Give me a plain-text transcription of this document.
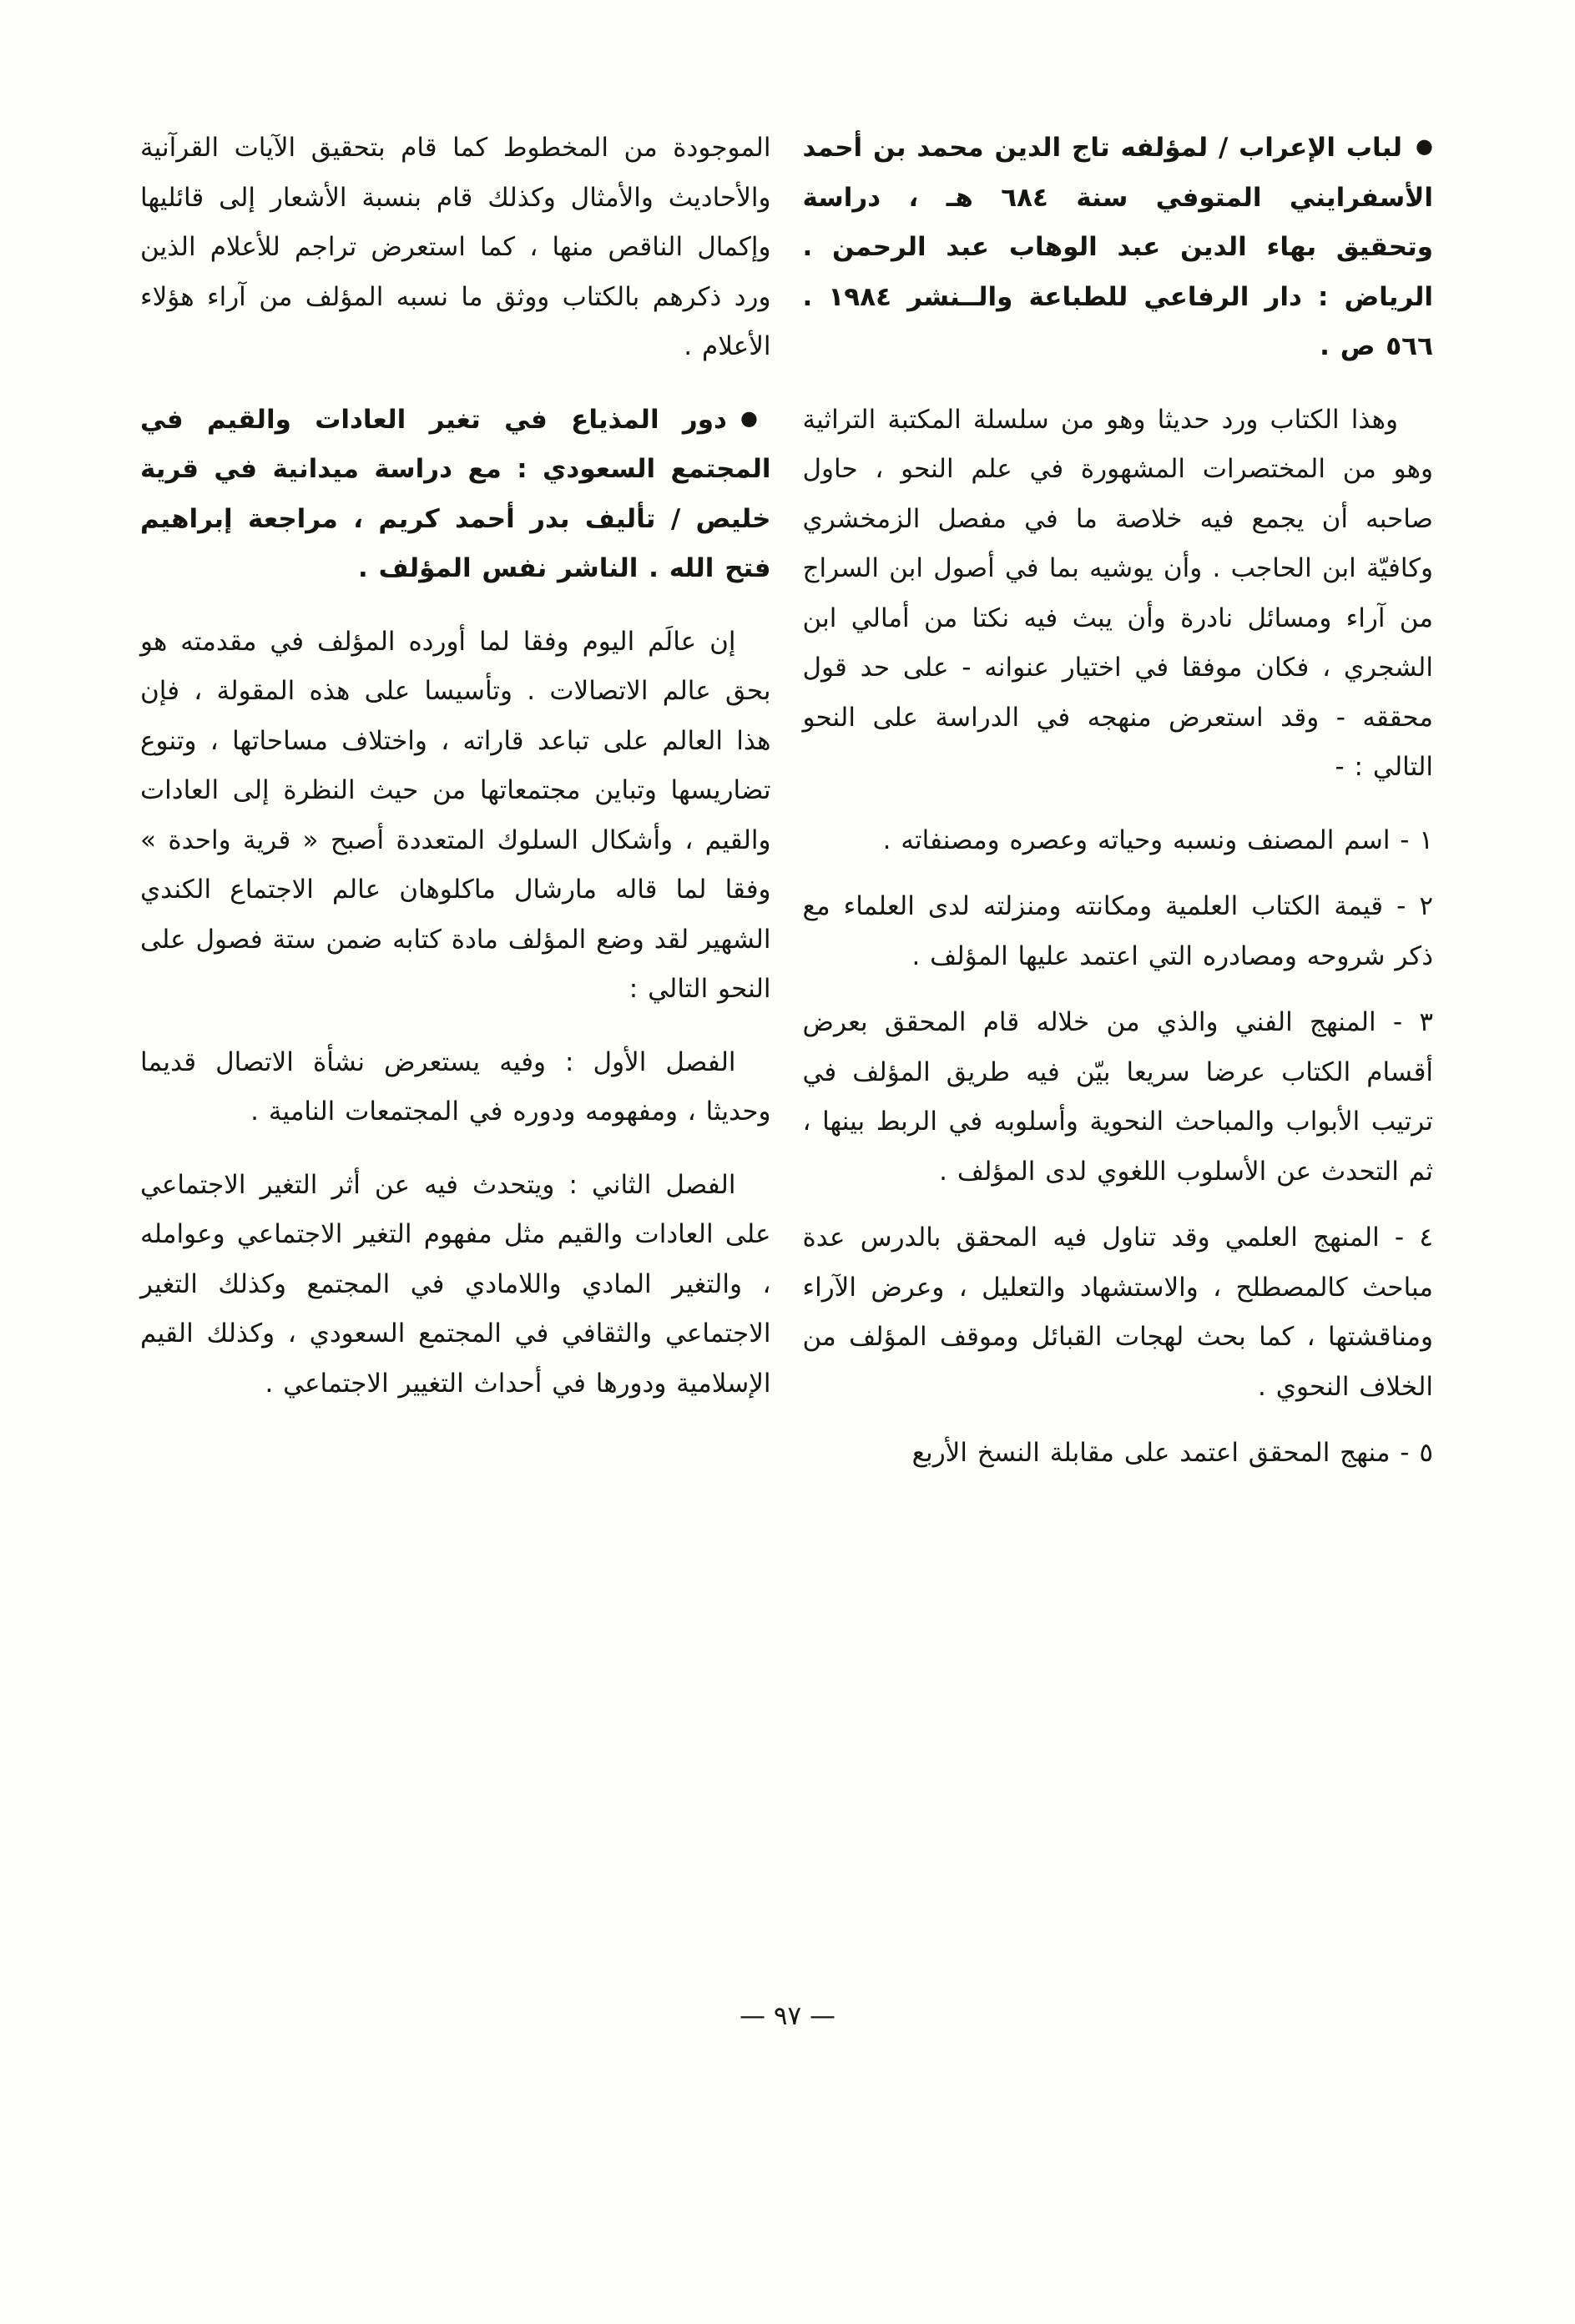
●لباب الإعراب / لمؤلفه تاج الدين محمد بن أحمد الأسفرايني المتوفي سنة ٦٨٤ هـ ، دراسة وتحقيق بهاء الدين عبد الوهاب عبد الرحمن . الرياض : دار الرفاعي للطباعة والــنشر ١٩٨٤ . ٥٦٦ ص .

وهذا الكتاب ورد حديثا وهو من سلسلة المكتبة التراثية وهو من المختصرات المشهورة في علم النحو ، حاول صاحبه أن يجمع فيه خلاصة ما في مفصل الزمخشري وكافيّة ابن الحاجب . وأن يوشيه بما في أصول ابن السراج من آراء ومسائل نادرة وأن يبث فيه نكتا من أمالي ابن الشجري ، فكان موفقا في اختيار عنوانه - على حد قول محققه - وقد استعرض منهجه في الدراسة على النحو التالي : -

١ - اسم المصنف ونسبه وحياته وعصره ومصنفاته .

٢ - قيمة الكتاب العلمية ومكانته ومنزلته لدى العلماء مع ذكر شروحه ومصادره التي اعتمد عليها المؤلف .

٣ - المنهج الفني والذي من خلاله قام المحقق بعرض أقسام الكتاب عرضا سريعا بيّن فيه طريق المؤلف في ترتيب الأبواب والمباحث النحوية وأسلوبه في الربط بينها ، ثم التحدث عن الأسلوب اللغوي لدى المؤلف .

٤ - المنهج العلمي وقد تناول فيه المحقق بالدرس عدة مباحث كالمصطلح ، والاستشهاد والتعليل ، وعرض الآراء ومناقشتها ، كما بحث لهجات القبائل وموقف المؤلف من الخلاف النحوي .

٥ - منهج المحقق اعتمد على مقابلة النسخ الأربع

الموجودة من المخطوط كما قام بتحقيق الآيات القرآنية والأحاديث والأمثال وكذلك قام بنسبة الأشعار إلى قائليها وإكمال الناقص منها ، كما استعرض تراجم للأعلام الذين ورد ذكرهم بالكتاب ووثق ما نسبه المؤلف من آراء هؤلاء الأعلام .

●دور المذياع في تغير العادات والقيم في المجتمع السعودي : مع دراسة ميدانية في قرية خليص / تأليف بدر أحمد كريم ، مراجعة إبراهيم فتح الله . الناشر نفس المؤلف .

إن عالَم اليوم وفقا لما أورده المؤلف في مقدمته هو بحق عالم الاتصالات . وتأسيسا على هذه المقولة ، فإن هذا العالم على تباعد قاراته ، واختلاف مساحاتها ، وتنوع تضاريسها وتباين مجتمعاتها من حيث النظرة إلى العادات والقيم ، وأشكال السلوك المتعددة أصبح « قرية واحدة » وفقا لما قاله مارشال ماكلوهان عالم الاجتماع الكندي الشهير لقد وضع المؤلف مادة كتابه ضمن ستة فصول على النحو التالي :

الفصل الأول : وفيه يستعرض نشأة الاتصال قديما وحديثا ، ومفهومه ودوره في المجتمعات النامية .

الفصل الثاني : ويتحدث فيه عن أثر التغير الاجتماعي على العادات والقيم مثل مفهوم التغير الاجتماعي وعوامله ، والتغير المادي واللامادي في المجتمع وكذلك التغير الاجتماعي والثقافي في المجتمع السعودي ، وكذلك القيم الإسلامية ودورها في أحداث التغيير الاجتماعي .

— ٩٧ —
